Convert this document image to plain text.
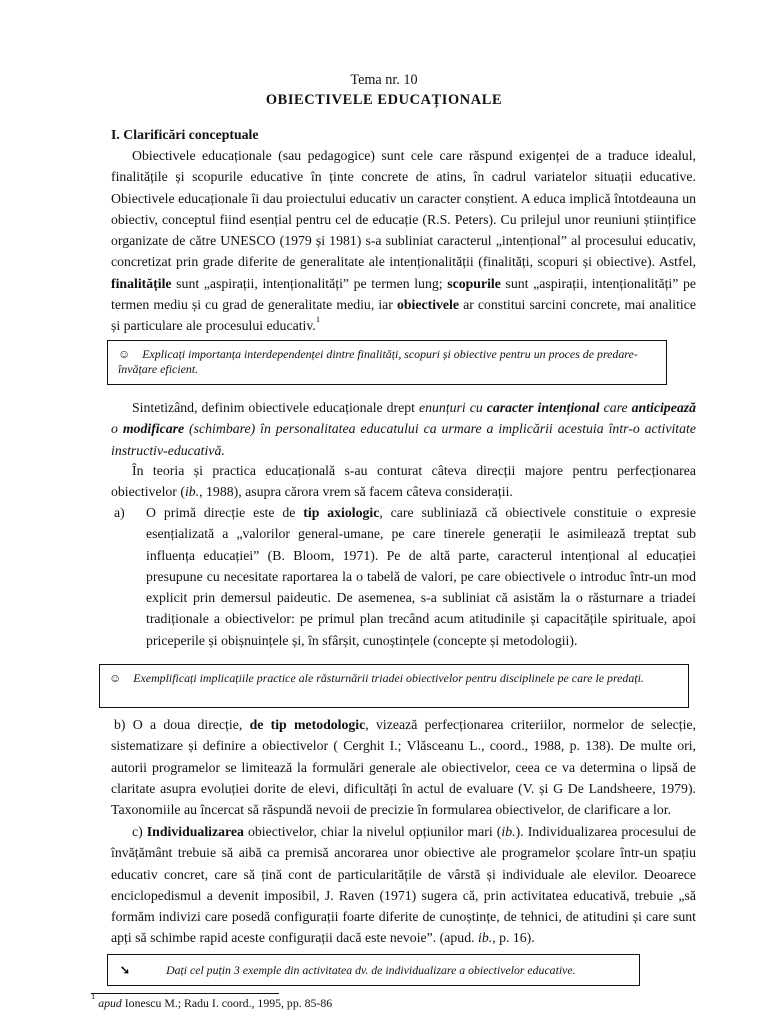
Tema nr. 10
OBIECTIVELE EDUCAȚIONALE
I. Clarificări conceptuale
Obiectivele educaționale (sau pedagogice) sunt cele care răspund exigenței de a traduce idealul, finalitățile și scopurile educative în ținte concrete de atins, în cadrul variatelor situații educative. Obiectivele educaționale îi dau proiectului educativ un caracter conștient. A educa implică întotdeauna un obiectiv, conceptul fiind esențial pentru cel de educație (R.S. Peters). Cu prilejul unor reuniuni științifice organizate de către UNESCO (1979 și 1981) s-a subliniat caracterul „intențional” al procesului educativ, concretizat prin grade diferite de generalitate ale intenționalității (finalități, scopuri și obiective). Astfel, finalitățile sunt „aspirații, intenționalități” pe termen lung; scopurile sunt „aspirații, intenționalități” pe termen mediu și cu grad de generalitate mediu, iar obiectivele ar constitui sarcini concrete, mai analitice și particulare ale procesului educativ.$^1$
☺ Explicați importanța interdependenței dintre finalități, scopuri și obiective pentru un proces de predare-învățare eficient.
Sintetizând, definim obiectivele educaționale drept enunțuri cu caracter intențional care anticipează o modificare (schimbare) în personalitatea educatului ca urmare a implicării acestuia într-o activitate instructiv-educativă.
În teoria și practica educațională s-au conturat câteva direcții majore pentru perfecționarea obiectivelor (ib., 1988), asupra cărora vrem să facem câteva considerații.
a) O primă direcție este de tip axiologic, care subliniază că obiectivele constituie o expresie esențializată a „valorilor general-umane, pe care tinerele generații le asimilează treptat sub influența educației” (B. Bloom, 1971). Pe de altă parte, caracterul intențional al educației presupune cu necesitate raportarea la o tabelă de valori, pe care obiectivele o introduc într-un mod explicit prin demersul paideutic. De asemenea, s-a subliniat că asistăm la o răsturnare a triadei tradiționale a obiectivelor: pe primul plan trecând acum atitudinile și capacitățile spirituale, apoi priceperile și obișnuințele și, în sfârșit, cunoștințele (concepte și metodologii).
☺ Exemplificați implicațiile practice ale răsturnării triadei obiectivelor pentru disciplinele pe care le predați.
b) O a doua direcție, de tip metodologic, vizează perfecționarea criteriilor, normelor de selecție, sistematizare și definire a obiectivelor ( Cerghit I.; Vlăsceanu L., coord., 1988, p. 138). De multe ori, autorii programelor se limitează la formulări generale ale obiectivelor, ceea ce va determina o lipsă de claritate asupra evoluției dorite de elevi, dificultăți în actul de evaluare (V. și G De Landsheere, 1979). Taxonomiile au încercat să răspundă nevoii de precizie în formularea obiectivelor, de clarificare a lor.
c) Individualizarea obiectivelor, chiar la nivelul opțiunilor mari (ib.). Individualizarea procesului de învățământ trebuie să aibă ca premisă ancorarea unor obiective ale programelor școlare într-un spațiu educativ concret, care să țină cont de particularitățile de vârstă și individuale ale elevilor. Deoarece enciclopedismul a devenit imposibil, J. Raven (1971) sugera că, prin activitatea educativă, trebuie „să formăm indivizi care posedă configurații foarte diferite de cunoștințe, de tehnici, de atitudini și care sunt apți să schimbe rapid aceste configurații dacă este nevoie”. (apud. ib., p. 16).
➘	Dați cel puțin 3 exemple din activitatea dv. de individualizare a obiectivelor educative.
$^1$ apud Ionescu M.; Radu I. coord., 1995, pp. 85-86
